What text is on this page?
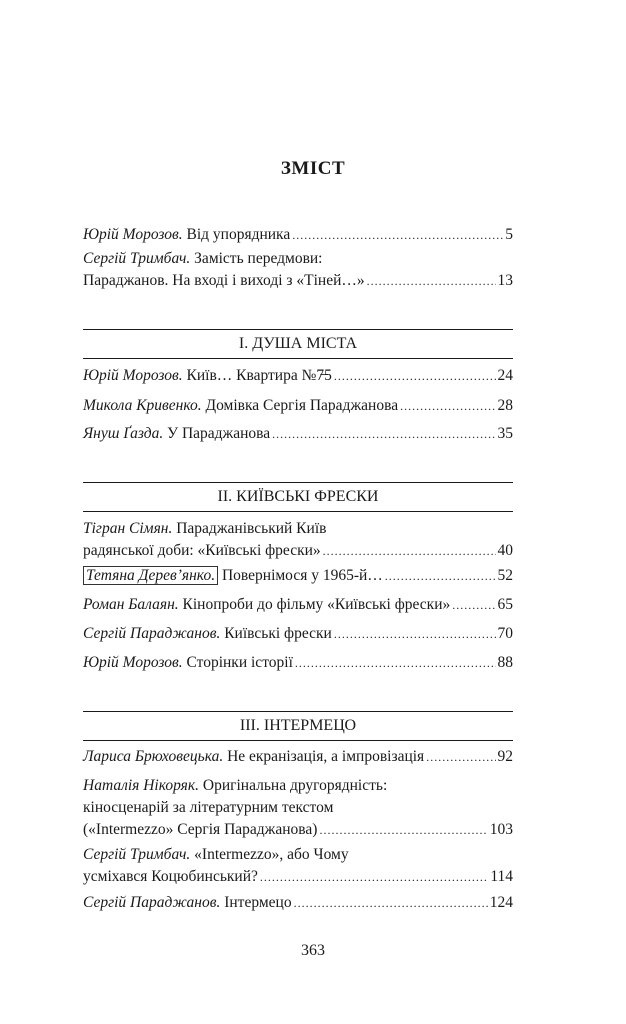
ЗМІСТ
Юрій Морозов. Від упорядника .....	5
Сергій Тримбач. Замість передмови:
Параджанов. На вході і виході з «Тіней…» .....	13
І. ДУША МІСТА
Юрій Морозов. Київ… Квартира №7̶5 .....	24
Микола Кривенко. Домівка Сергія Параджанова .....	28
Януш Ґазда. У Параджанова .....	35
ІІ. КИЇВСЬКІ ФРЕСКИ
Тігран Сімян. Параджанівський Київ
радянської доби: «Київські фрески» .....	40
Тетяна Дерев’янко. Повернімося у 1965-й… .....	52
Роман Балаян. Кінопроби до фільму «Київські фрески» .....	65
Сергій Параджанов. Київські фрески .....	70
Юрій Морозов. Сторінки історії .....	88
ІІІ. ІНТЕРМЕЦО
Лариса Брюховецька. Не екранізація, а імпровізація .....	92
Наталія Нікоряк. Оригінальна другорядність:
кіносценарій за літературним текстом
(«Intermezzo» Сергія Параджанова) .....	103
Сергій Тримбач. «Intermezzo», або Чому
усміхався Коцюбинський? .....	114
Сергій Параджанов. Інтермецо .....	124
363
